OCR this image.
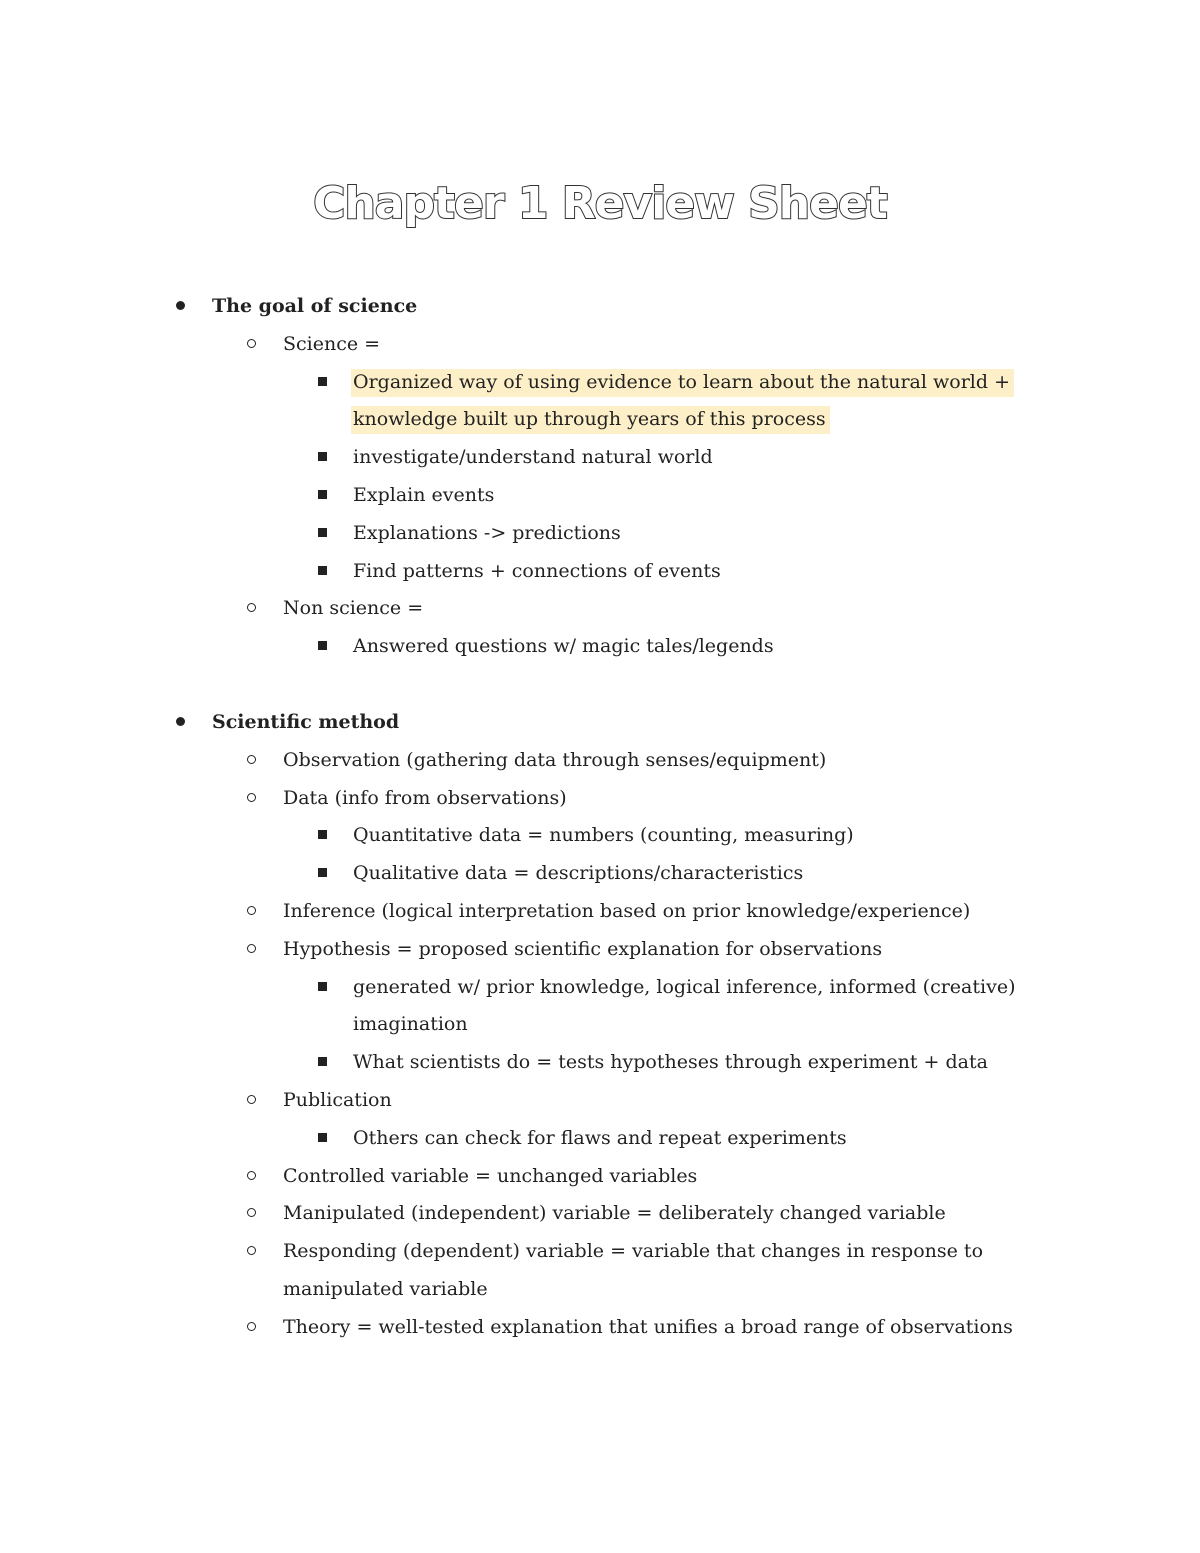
Chapter 1 Review Sheet
The goal of science
Science =
Organized way of using evidence to learn about the natural world +
knowledge built up through years of this process
investigate/understand natural world
Explain events
Explanations -> predictions
Find patterns + connections of events
Non science =
Answered questions w/ magic tales/legends
Scientific method
Observation (gathering data through senses/equipment)
Data (info from observations)
Quantitative data = numbers (counting, measuring)
Qualitative data = descriptions/characteristics
Inference (logical interpretation based on prior knowledge/experience)
Hypothesis = proposed scientific explanation for observations
generated w/ prior knowledge, logical inference, informed (creative)
imagination
What scientists do = tests hypotheses through experiment + data
Publication
Others can check for flaws and repeat experiments
Controlled variable = unchanged variables
Manipulated (independent) variable = deliberately changed variable
Responding (dependent) variable = variable that changes in response to
manipulated variable
Theory = well-tested explanation that unifies a broad range of observations
